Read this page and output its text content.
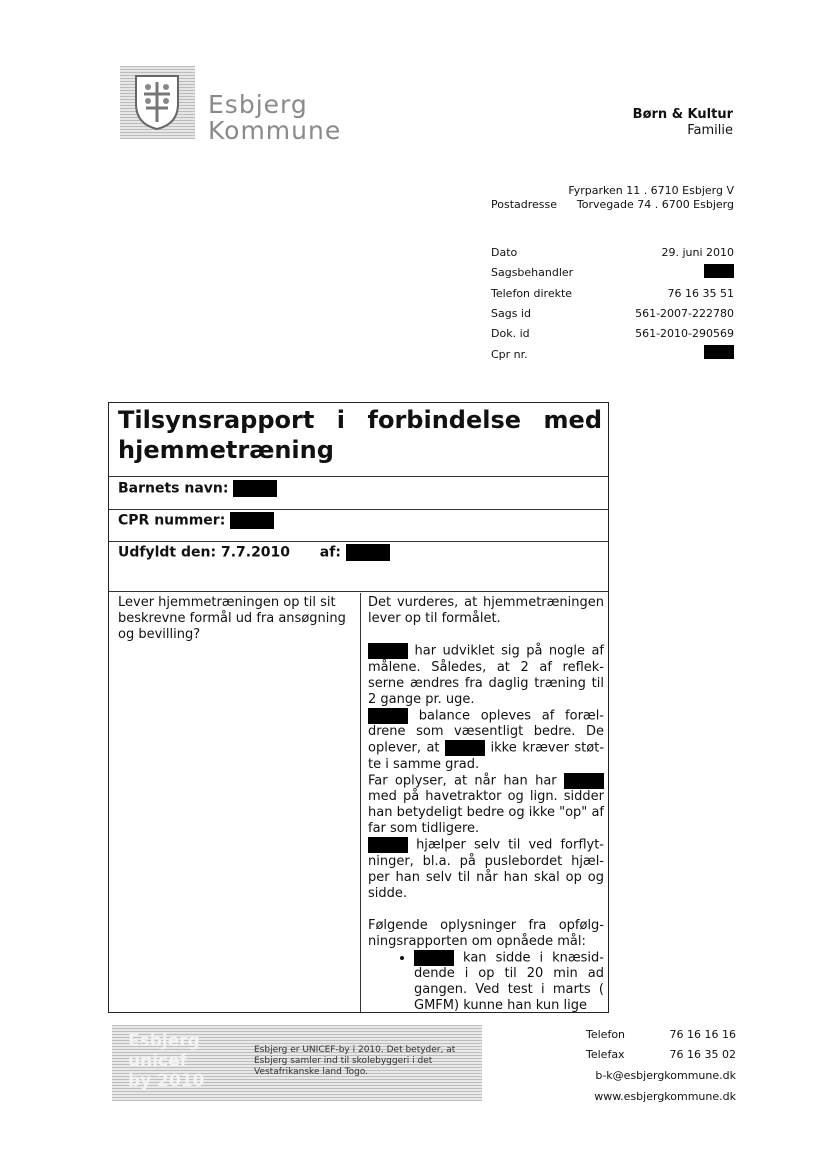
Esbjerg
Kommune
Børn & Kultur
Familie
Postadresse
Fyrparken 11 . 6710 Esbjerg V
Torvegade 74 . 6700 Esbjerg
Dato	29. juni 2010
Sagsbehandler
Telefon direkte	76 16 35 51
Sags id	561-2007-222780
Dok. id	561-2010-290569
Cpr nr.
Tilsynsrapport i forbindelse med hjemmetræning
Barnets navn:
CPR nummer:
Udfyldt den: 7.7.2010 af:
Lever hjemmetræningen op til sit beskrevne formål ud fra ansøgning og bevilling?

Det vurderes, at hjemmetræningen lever op til formålet.

har udviklet sig på nogle af målene. Således, at 2 af reflek-serne ændres fra daglig træning til 2 gange pr. uge.

balance opleves af foræl-drene som væsentligt bedre. De oplever, at	ikke kræver støt-te i samme grad.

Far oplyser, at når han har  med på havetraktor og lign. sidder han betydeligt bedre og ikke "op" af far som tidligere.

hjælper selv til ved forflyt-ninger, bl.a. på puslebordet hjæl-per han selv til når han skal op og sidde.

Følgende oplysninger fra opfølg-ningsrapporten om opnåede mål:

• kan sidde i knæsid-dende i op til 20 min ad gangen. Ved test i marts ( GMFM) kunne han kun lige
Esbjerg
unicef
by 2010
Esbjerg er UNICEF-by i 2010. Det betyder, at Esbjerg samler ind til skolebyggeri i det Vestafrikanske land Togo.
Telefon	76 16 16 16
Telefax	76 16 35 02
b-k@esbjergkommune.dk
www.esbjergkommune.dk
